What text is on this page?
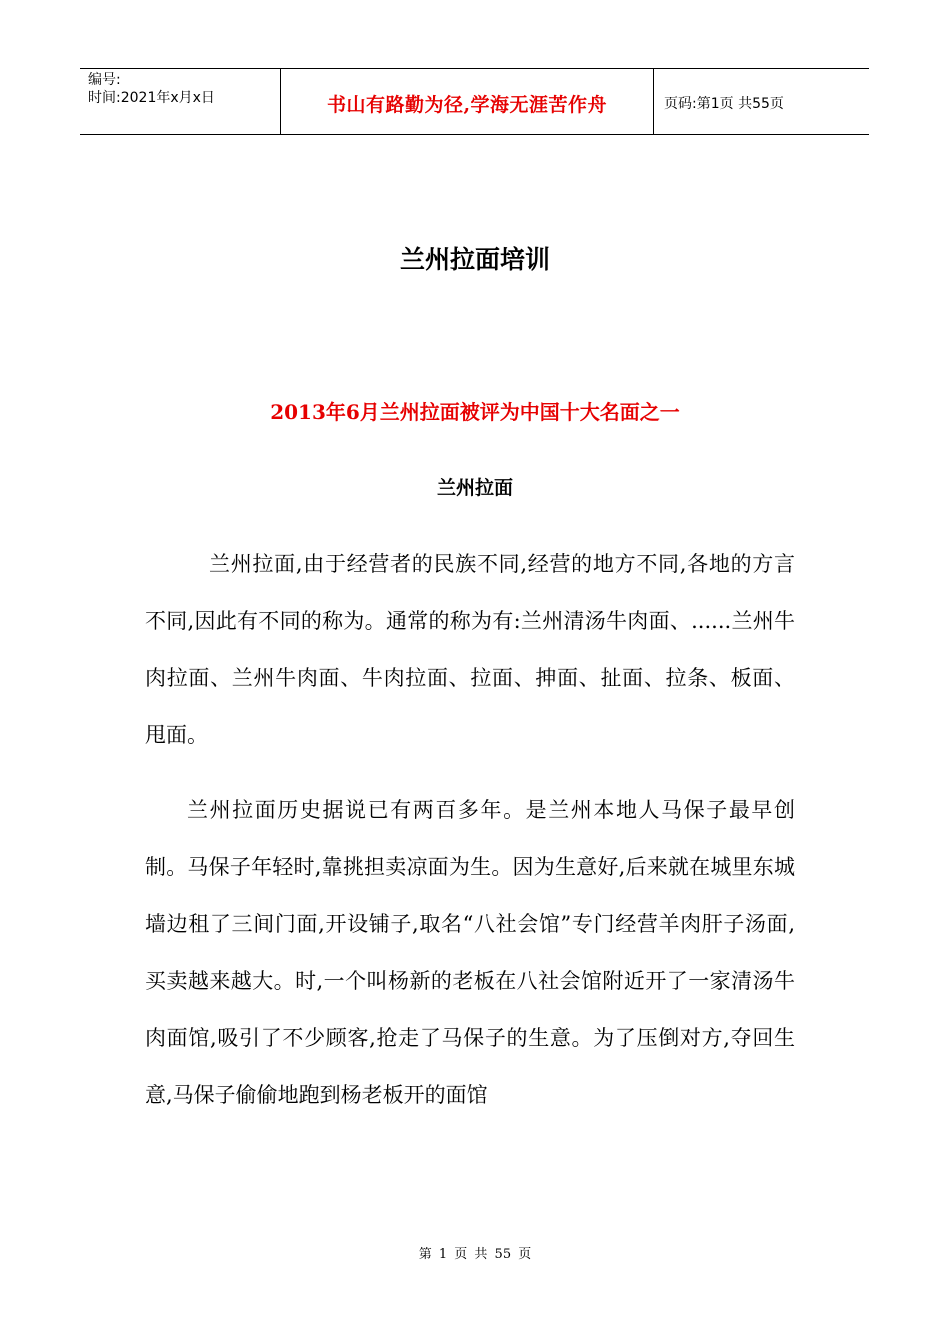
编号:
时间:2021年x月x日	书山有路勤为径,学海无涯苦作舟	页码:第1页 共55页
兰州拉面培训
2013年6月兰州拉面被评为中国十大名面之一
兰州拉面

兰州拉面,由于经营者的民族不同,经营的地方不同,各地的方言不同,因此有不同的称为。通常的称为有:兰州清汤牛肉面、......兰州牛肉拉面、兰州牛肉面、牛肉拉面、拉面、抻面、扯面、拉条、板面、甩面。

兰州拉面历史据说已有两百多年。是兰州本地人马保子最早创制。马保子年轻时,靠挑担卖凉面为生。因为生意好,后来就在城里东城墙边租了三间门面,开设铺子,取名“八社会馆”专门经营羊肉肝子汤面,买卖越来越大。时,一个叫杨新的老板在八社会馆附近开了一家清汤牛肉面馆,吸引了不少顾客,抢走了马保子的生意。为了压倒对方,夺回生意,马保子偷偷地跑到杨老板开的面馆

第 1 页 共 55 页
